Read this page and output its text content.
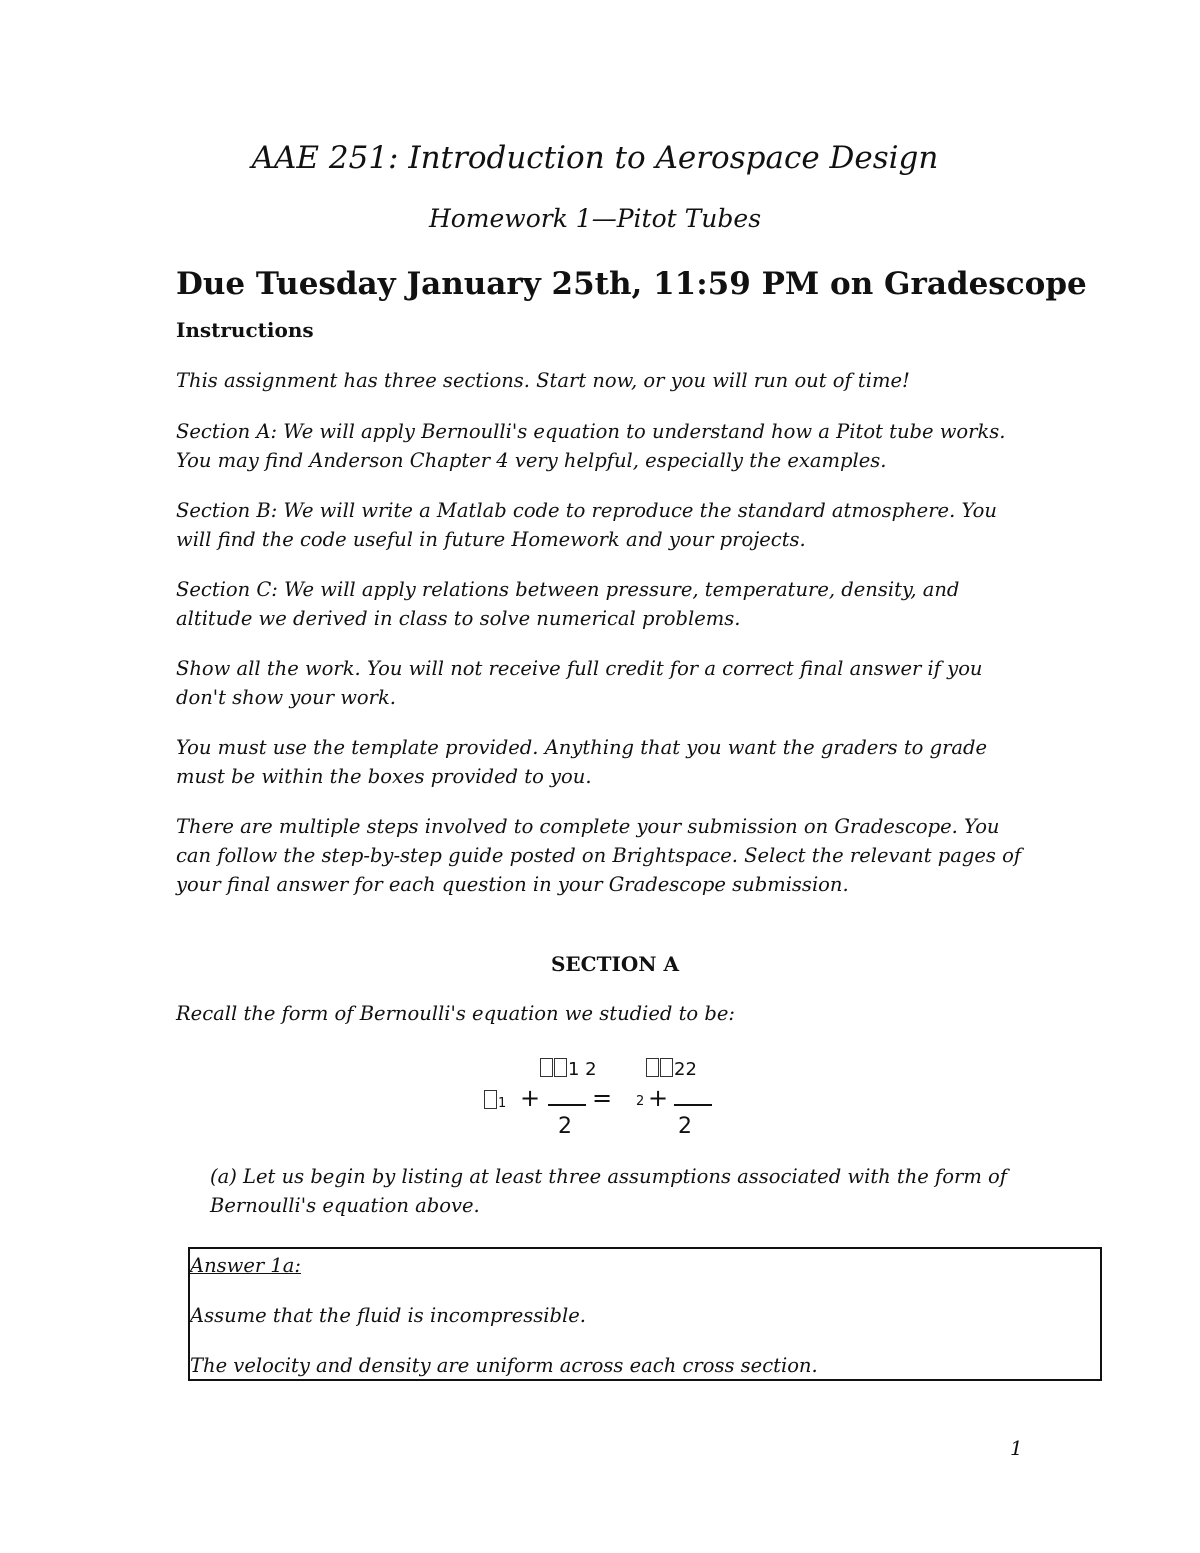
AAE 251: Introduction to Aerospace Design
Homework 1—Pitot Tubes
Due Tuesday January 25th, 11:59 PM on Gradescope
Instructions
This assignment has three sections. Start now, or you will run out of time!
Section A: We will apply Bernoulli's equation to understand how a Pitot tube works. You may find Anderson Chapter 4 very helpful, especially the examples.
Section B: We will write a Matlab code to reproduce the standard atmosphere. You will find the code useful in future Homework and your projects.
Section C: We will apply relations between pressure, temperature, density, and altitude we derived in class to solve numerical problems.
Show all the work. You will not receive full credit for a correct final answer if you don't show your work.
You must use the template provided. Anything that you want the graders to grade must be within the boxes provided to you.
There are multiple steps involved to complete your submission on Gradescope. You can follow the step-by-step guide posted on Brightspace. Select the relevant pages of your final answer for each question in your Gradescope submission.
SECTION A
Recall the form of Bernoulli's equation we studied to be:
1 2	22
1 + = 2 +
2	2
(a) Let us begin by listing at least three assumptions associated with the form of Bernoulli's equation above.
Answer 1a:
Assume that the fluid is incompressible.
The velocity and density are uniform across each cross section.
1
